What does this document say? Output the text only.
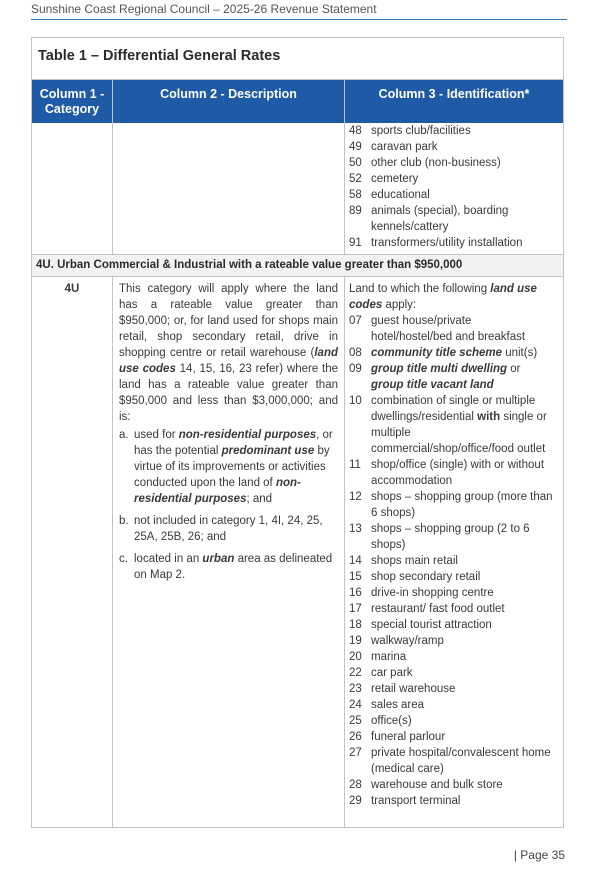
Sunshine Coast Regional Council – 2025-26 Revenue Statement
Table 1 – Differential General Rates
Column 1 - Category
Column 2 - Description	Column 3 - Identification*
48 sports club/facilities
49 caravan park
50 other club (non-business)
52 cemetery
58 educational
89 animals (special), boarding kennels/cattery
91 transformers/utility installation
4U. Urban Commercial & Industrial with a rateable value greater than $950,000
4U	This category will apply where the land has a rateable value greater than $950,000; or, for land used for shops main retail, shop secondary retail, drive in shopping centre or retail warehouse (land use codes 14, 15, 16, 23 refer) where the land has a rateable value greater than $950,000 and less than $3,000,000; and is:

a. used for non-residential purposes, or has the potential predominant use by virtue of its improvements or activities conducted upon the land of non-residential purposes; and
b. not included in category 1, 4I, 24, 25, 25A, 25B, 26; and
c. located in an urban area as delineated on Map 2.
Land to which the following land use codes apply:
07 guest house/private hotel/hostel/bed and breakfast
08 community title scheme unit(s)
09 group title multi dwelling or group title vacant land
10 combination of single or multiple dwellings/residential with single or multiple commercial/shop/office/food outlet
11 shop/office (single) with or without accommodation
12 shops – shopping group (more than 6 shops)
13 shops – shopping group (2 to 6 shops)
14 shops main retail
15 shop secondary retail
16 drive-in shopping centre
17 restaurant/ fast food outlet
18 special tourist attraction
19 walkway/ramp
20 marina
22 car park
23 retail warehouse
24 sales area
25 office(s)
26 funeral parlour
27 private hospital/convalescent home (medical care)
28 warehouse and bulk store
29 transport terminal
| Page 35
